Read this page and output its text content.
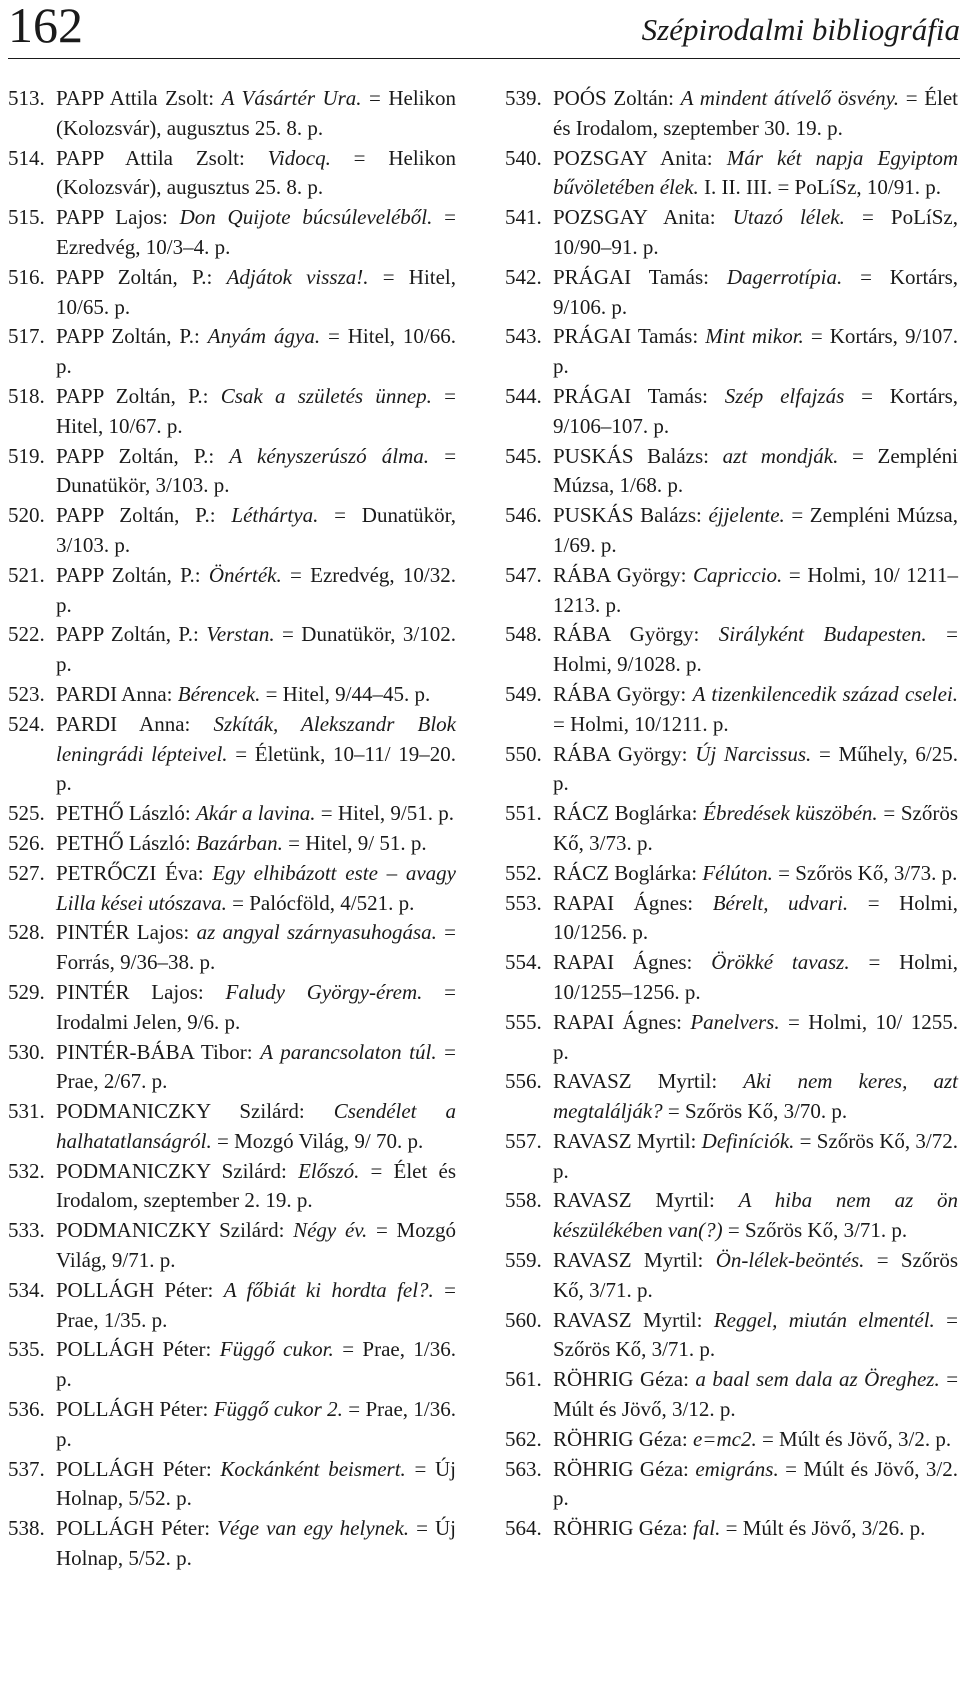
162	Szépirodalmi bibliográfia

513. PAPP Attila Zsolt: A Vásártér Ura. = Helikon (Kolozsvár), augusztus 25. 8. p.

514. PAPP Attila Zsolt: Vidocq. = Helikon (Kolozsvár), augusztus 25. 8. p.

515. PAPP Lajos: Don Quijote búcsúleveléből. = Ezredvég, 10/3–4. p.

516. PAPP Zoltán, P.: Adjátok vissza!. = Hitel, 10/65. p.

517. PAPP Zoltán, P.: Anyám ágya. = Hitel, 10/66. p.

518. PAPP Zoltán, P.: Csak a születés ünnep. = Hitel, 10/67. p.

519. PAPP Zoltán, P.: A kényszerúszó álma. = Dunatükör, 3/103. p.

520. PAPP Zoltán, P.: Léthártya. = Dunatükör, 3/103. p.

521. PAPP Zoltán, P.: Önérték. = Ezredvég, 10/32. p.

522. PAPP Zoltán, P.: Verstan. = Dunatükör, 3/102. p.

523. PARDI Anna: Bérencek. = Hitel, 9/44–45. p.

524. PARDI Anna: Szkíták, Alekszandr Blok leningrádi lépteivel. = Életünk, 10–11/ 19–20. p.

525. PETHŐ László: Akár a lavina. = Hitel, 9/51. p.

526. PETHŐ László: Bazárban. = Hitel, 9/ 51. p.

527. PETRŐCZI Éva: Egy elhibázott este – avagy Lilla kései utószava. = Palócföld, 4/521. p.

528. PINTÉR Lajos: az angyal szárnyasuhogása. = Forrás, 9/36–38. p.

529. PINTÉR Lajos: Faludy György-érem. = Irodalmi Jelen, 9/6. p.

530. PINTÉR-BÁBA Tibor: A parancsolaton túl. = Prae, 2/67. p.

531. PODMANICZKY Szilárd: Csendélet a halhatatlanságról. = Mozgó Világ, 9/ 70. p.

532. PODMANICZKY Szilárd: Előszó. = Élet és Irodalom, szeptember 2. 19. p.

533. PODMANICZKY Szilárd: Négy év. = Mozgó Világ, 9/71. p.

534. POLLÁGH Péter: A főbiát ki hordta fel?. = Prae, 1/35. p.

535. POLLÁGH Péter: Függő cukor. = Prae, 1/36. p.

536. POLLÁGH Péter: Függő cukor 2. = Prae, 1/36. p.

537. POLLÁGH Péter: Kockánként beismert. = Új Holnap, 5/52. p.

538. POLLÁGH Péter: Vége van egy helynek. = Új Holnap, 5/52. p.

539. POÓS Zoltán: A mindent átívelő ösvény. = Élet és Irodalom, szeptember 30. 19. p.

540. POZSGAY Anita: Már két napja Egyiptom bűvöletében élek. I. II. III. = PoLíSz, 10/91. p.

541. POZSGAY Anita: Utazó lélek. = PoLíSz, 10/90–91. p.

542. PRÁGAI Tamás: Dagerrotípia. = Kortárs, 9/106. p.

543. PRÁGAI Tamás: Mint mikor. = Kortárs, 9/107. p.

544. PRÁGAI Tamás: Szép elfajzás = Kortárs, 9/106–107. p.

545. PUSKÁS Balázs: azt mondják. = Zempléni Múzsa, 1/68. p.

546. PUSKÁS Balázs: éjjelente. = Zempléni Múzsa, 1/69. p.

547. RÁBA György: Capriccio. = Holmi, 10/ 1211–1213. p.

548. RÁBA György: Sirályként Budapesten. = Holmi, 9/1028. p.

549. RÁBA György: A tizenkilencedik század cselei. = Holmi, 10/1211. p.

550. RÁBA György: Új Narcissus. = Műhely, 6/25. p.

551. RÁCZ Boglárka: Ébredések küszöbén. = Szőrös Kő, 3/73. p.

552. RÁCZ Boglárka: Félúton. = Szőrös Kő, 3/73. p.

553. RAPAI Ágnes: Bérelt, udvari. = Holmi, 10/1256. p.

554. RAPAI Ágnes: Örökké tavasz. = Holmi, 10/1255–1256. p.

555. RAPAI Ágnes: Panelvers. = Holmi, 10/ 1255. p.

556. RAVASZ Myrtil: Aki nem keres, azt megtalálják? = Szőrös Kő, 3/70. p.

557. RAVASZ Myrtil: Definíciók. = Szőrös Kő, 3/72. p.

558. RAVASZ Myrtil: A hiba nem az ön készülékében van(?) = Szőrös Kő, 3/71. p.

559. RAVASZ Myrtil: Ön-lélek-beöntés. = Szőrös Kő, 3/71. p.

560. RAVASZ Myrtil: Reggel, miután elmentél. = Szőrös Kő, 3/71. p.

561. RÖHRIG Géza: a baal sem dala az Öreghez. = Múlt és Jövő, 3/12. p.

562. RÖHRIG Géza: e=mc2. = Múlt és Jövő, 3/2. p.

563. RÖHRIG Géza: emigráns. = Múlt és Jövő, 3/2. p.

564. RÖHRIG Géza: fal. = Múlt és Jövő, 3/26. p.
